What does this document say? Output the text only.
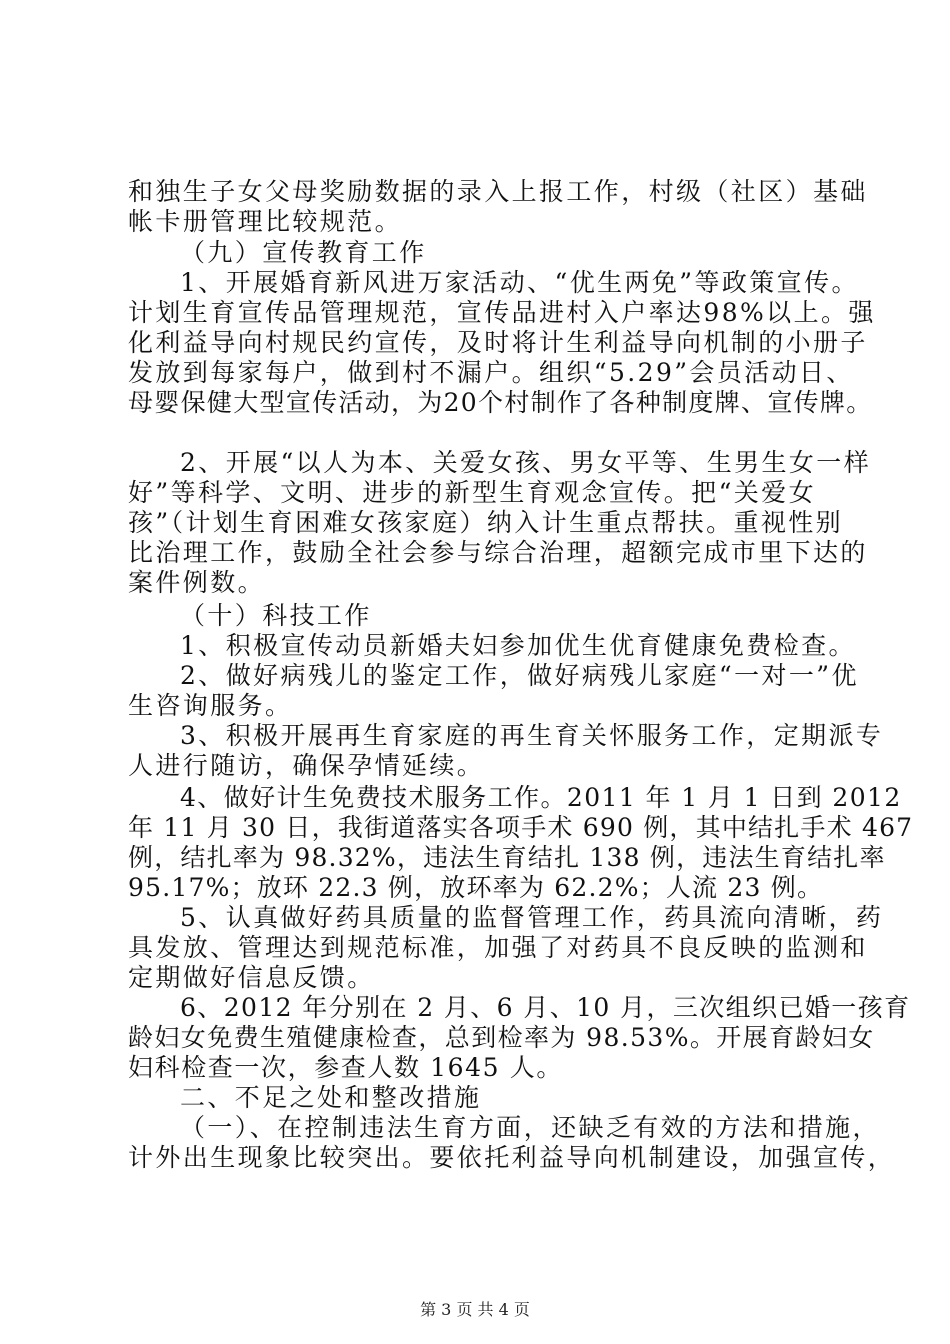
和独生子女父母奖励数据的录入上报工作，村级（社区）基础
帐卡册管理比较规范。
（九）宣传教育工作
1、开展婚育新风进万家活动、“优生两免”等政策宣传。
计划生育宣传品管理规范，宣传品进村入户率达98%以上。强
化利益导向村规民约宣传，及时将计生利益导向机制的小册子
发放到每家每户，做到村不漏户。组织“5.29”会员活动日、
母婴保健大型宣传活动，为20个村制作了各种制度牌、宣传牌。
2、开展“以人为本、关爱女孩、男女平等、生男生女一样
好”等科学、文明、进步的新型生育观念宣传。把“关爱女
孩”（计划生育困难女孩家庭）纳入计生重点帮扶。重视性别
比治理工作，鼓励全社会参与综合治理，超额完成市里下达的
案件例数。
（十）科技工作
1、积极宣传动员新婚夫妇参加优生优育健康免费检查。
2、做好病残儿的鉴定工作，做好病残儿家庭“一对一”优
生咨询服务。
3、积极开展再生育家庭的再生育关怀服务工作，定期派专
人进行随访，确保孕情延续。
4、做好计生免费技术服务工作。2011 年 1 月 1 日到 2012
年 11 月 30 日，我街道落实各项手术 690 例，其中结扎手术 467
例，结扎率为 98.32%，违法生育结扎 138 例，违法生育结扎率
95.17%；放环 22.3 例，放环率为 62.2%；人流 23 例。
5、认真做好药具质量的监督管理工作，药具流向清晰，药
具发放、管理达到规范标准，加强了对药具不良反映的监测和
定期做好信息反馈。
6、2012 年分别在 2 月、6 月、10 月，三次组织已婚一孩育
龄妇女免费生殖健康检查，总到检率为 98.53%。开展育龄妇女
妇科检查一次，参查人数 1645 人。
二、不足之处和整改措施
（一）、在控制违法生育方面，还缺乏有效的方法和措施，
计外出生现象比较突出。要依托利益导向机制建设，加强宣传，
第 3 页 共 4 页
